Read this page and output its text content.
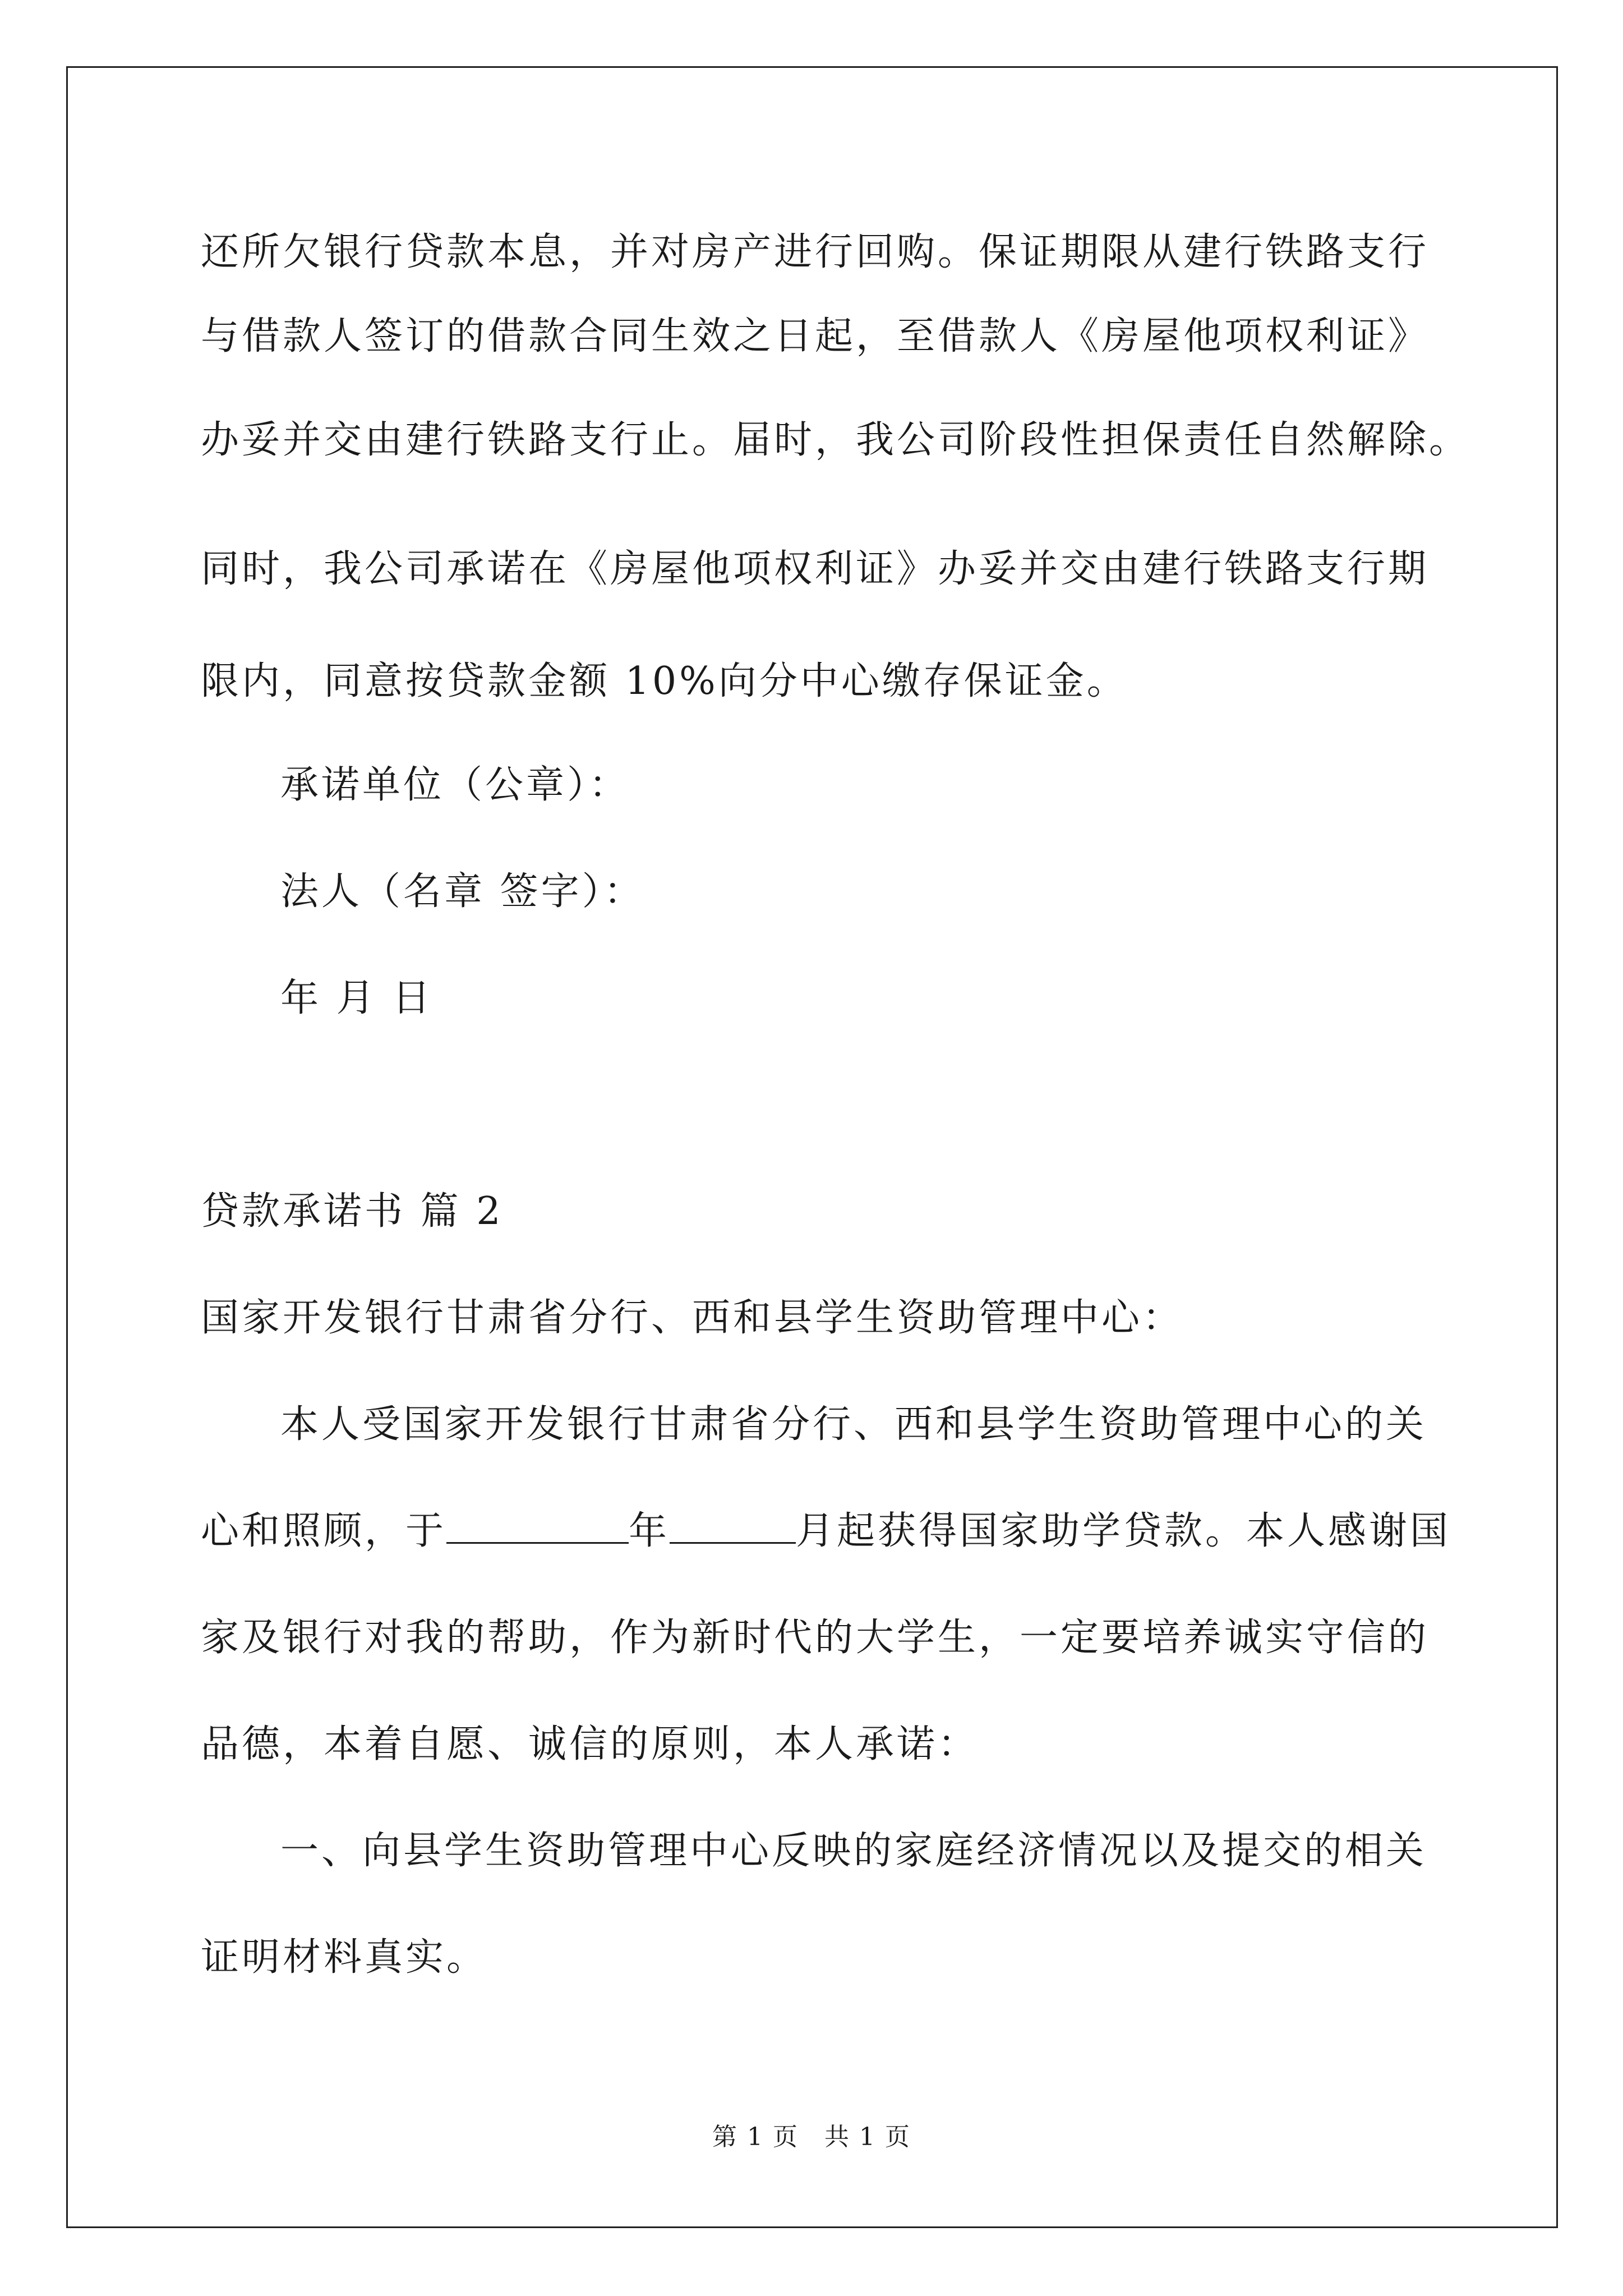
还所欠银行贷款本息，并对房产进行回购。保证期限从建行铁路支行
与借款人签订的借款合同生效之日起，至借款人《房屋他项权利证》
办妥并交由建行铁路支行止。届时，我公司阶段性担保责任自然解除。
同时，我公司承诺在《房屋他项权利证》办妥并交由建行铁路支行期
限内，同意按贷款金额 10%向分中心缴存保证金。
承诺单位（公章）：
法人（名章 签字）：
年 月 日
贷款承诺书 篇 2
国家开发银行甘肃省分行、西和县学生资助管理中心：
本人受国家开发银行甘肃省分行、西和县学生资助管理中心的关
心和照顾，于	年	月起获得国家助学贷款。本人感谢国
家及银行对我的帮助，作为新时代的大学生，一定要培养诚实守信的
品德，本着自愿、诚信的原则，本人承诺：
一、向县学生资助管理中心反映的家庭经济情况以及提交的相关
证明材料真实。
第 1 页　共 1 页
